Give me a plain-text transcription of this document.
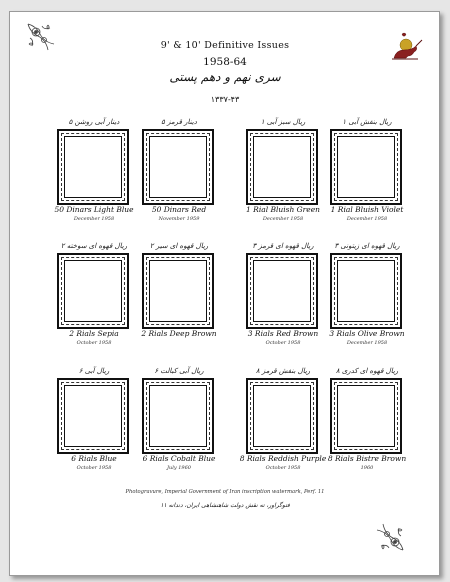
9' & 10' Definitive Issues
1958-64
سری نهم و دهم پستی
۱۳۳۷-۴۳
۵ دینار آبی روشن
50 Dinars Light Blue
December 1958
۵ دینار قرمز
50 Dinars Red
November 1959
۱ ریال سبز آبی
1 Rial Bluish Green
December 1958
۱ ریال بنفش آبی
1 Rial Bluish Violet
December 1958
۲ ریال قهوه ای سوخته
2 Rials Sepia
October 1958
۲ ریال قهوه ای سیر
2 Rials Deep Brown
۳ ریال قهوه ای قرمز
3 Rials Red Brown
October 1958
۳ ریال قهوه ای زیتونی
3 Rials Olive Brown
December 1958
۶ ریال آبی
6 Rials Blue
October 1958
۶ ریال آبی کبالت
6 Rials Cobalt Blue
July 1960
۸ ریال بنفش قرمز
8 Rials Reddish Purple
October 1958
۸ ریال قهوه ای کدری
8 Rials Bistre Brown
1960
Photogravure, Imperial Government of Iran inscription watermark, Perf. 11
فتوگراور، ته نقش دولت شاهنشاهی ایران، دندانه ۱۱
